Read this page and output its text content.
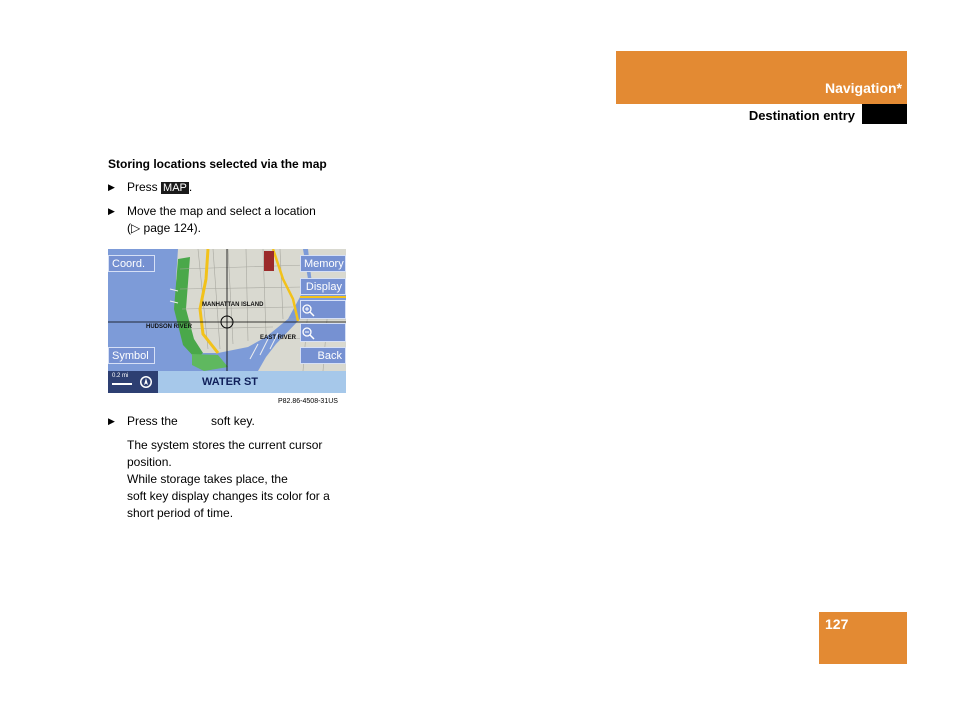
Navigation*
Destination entry
Storing locations selected via the map
▶ Press MAP .
▶ Move the map and select a location
(▷ page 124).
MANHATTAN ISLAND
HUDSON RIVER
EAST RIVER
Coord.
Symbol
Memory
Display
Back
0.2 mi	WATER ST
P82.86-4508-31US
▶ Press the          soft key.
The system stores the current cursor
position.
While storage takes place, the
soft key display changes its color for a
short period of time.
127
